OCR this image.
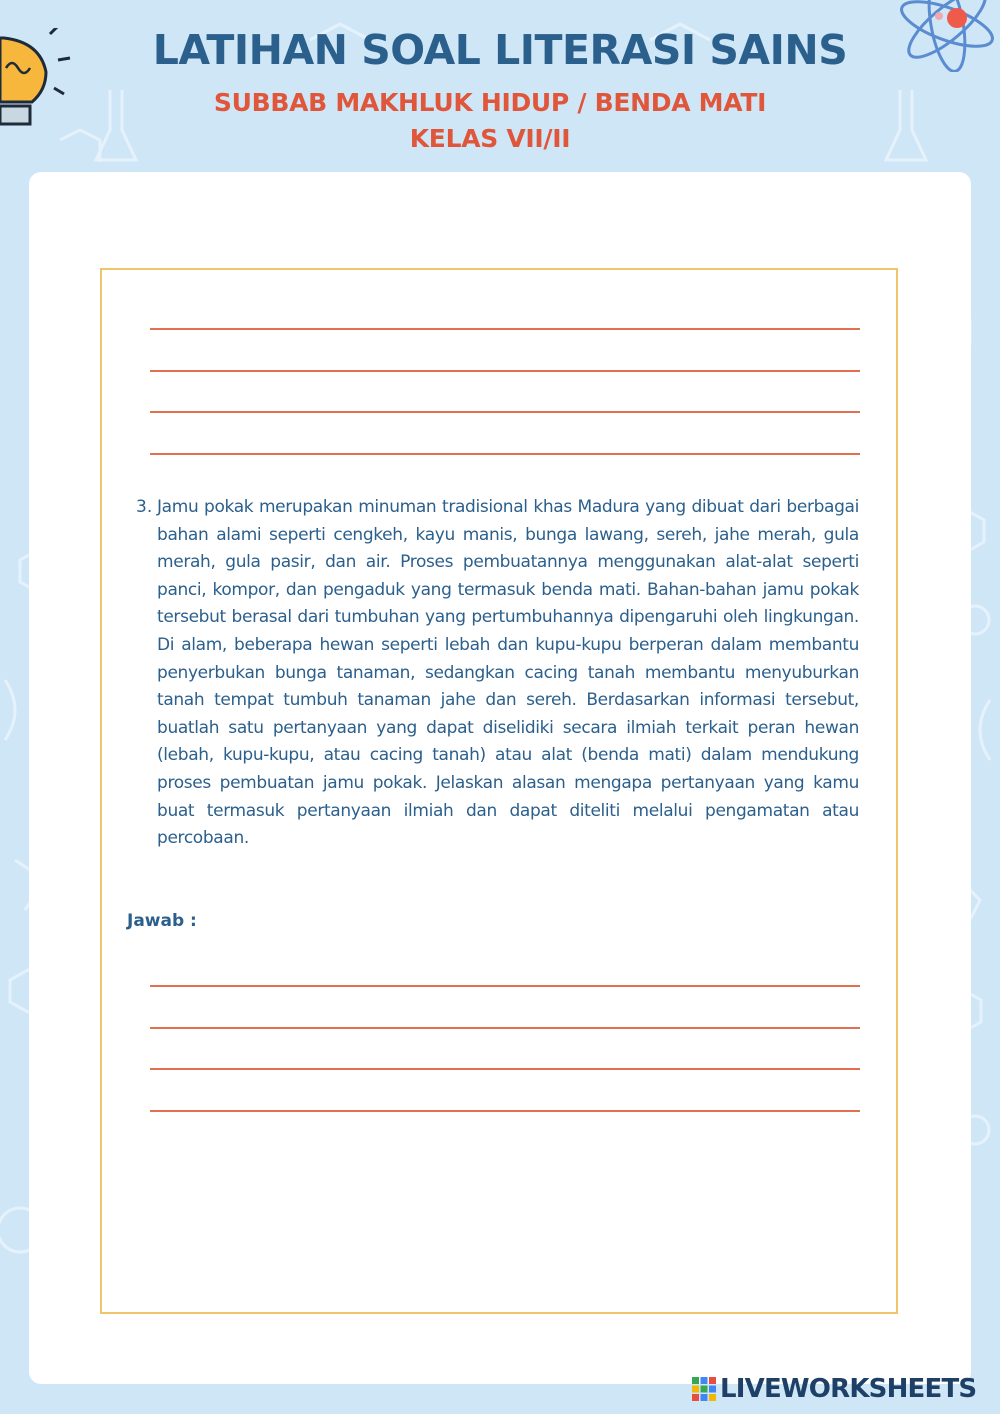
LATIHAN SOAL LITERASI SAINS
SUBBAB MAKHLUK HIDUP / BENDA MATI
KELAS VII/II
3. Jamu pokak merupakan minuman tradisional khas Madura yang dibuat dari berbagai bahan alami seperti cengkeh, kayu manis, bunga lawang, sereh, jahe merah, gula merah, gula pasir, dan air. Proses pembuatannya menggunakan alat-alat seperti panci, kompor, dan pengaduk yang termasuk benda mati. Bahan-bahan jamu pokak tersebut berasal dari tumbuhan yang pertumbuhannya dipengaruhi oleh lingkungan. Di alam, beberapa hewan seperti lebah dan kupu-kupu berperan dalam membantu penyerbukan bunga tanaman, sedangkan cacing tanah membantu menyuburkan tanah tempat tumbuh tanaman jahe dan sereh. Berdasarkan informasi tersebut, buatlah satu pertanyaan yang dapat diselidiki secara ilmiah terkait peran hewan (lebah, kupu-kupu, atau cacing tanah) atau alat (benda mati) dalam mendukung proses pembuatan jamu pokak. Jelaskan alasan mengapa pertanyaan yang kamu buat termasuk pertanyaan ilmiah dan dapat diteliti melalui pengamatan atau percobaan.
Jawab :
LIVEWORKSHEETS
